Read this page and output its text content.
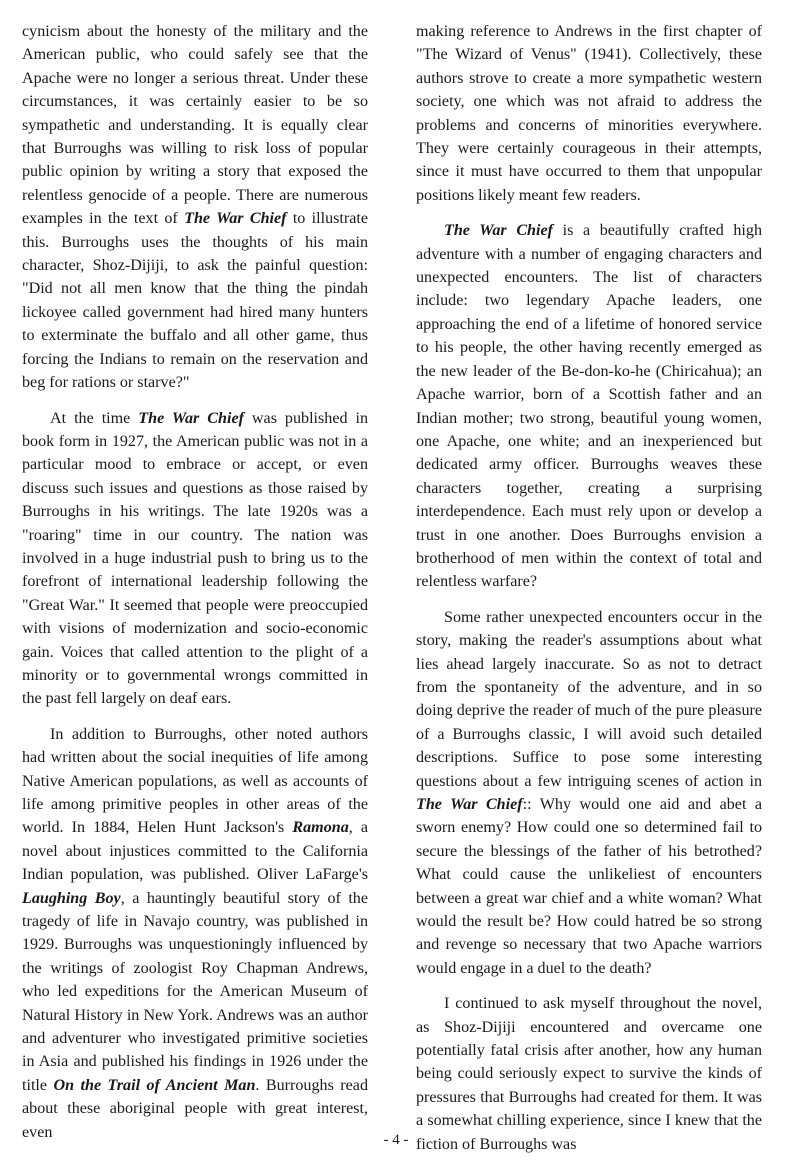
cynicism about the honesty of the military and the American public, who could safely see that the Apache were no longer a serious threat. Under these circumstances, it was certainly easier to be so sympathetic and understanding. It is equally clear that Burroughs was willing to risk loss of popular public opinion by writing a story that exposed the relentless genocide of a people. There are numerous examples in the text of The War Chief to illustrate this. Burroughs uses the thoughts of his main character, Shoz-Dijiji, to ask the painful question: "Did not all men know that the thing the pindah lickoyee called government had hired many hunters to exterminate the buffalo and all other game, thus forcing the Indians to remain on the reservation and beg for rations or starve?"

At the time The War Chief was published in book form in 1927, the American public was not in a particular mood to embrace or accept, or even discuss such issues and questions as those raised by Burroughs in his writings. The late 1920s was a "roaring" time in our country. The nation was involved in a huge industrial push to bring us to the forefront of international leadership following the "Great War." It seemed that people were preoccupied with visions of modernization and socio-economic gain. Voices that called attention to the plight of a minority or to governmental wrongs committed in the past fell largely on deaf ears.

In addition to Burroughs, other noted authors had written about the social inequities of life among Native American populations, as well as accounts of life among primitive peoples in other areas of the world. In 1884, Helen Hunt Jackson's Ramona, a novel about injustices committed to the California Indian population, was published. Oliver LaFarge's Laughing Boy, a hauntingly beautiful story of the tragedy of life in Navajo country, was published in 1929. Burroughs was unquestioningly influenced by the writings of zoologist Roy Chapman Andrews, who led expeditions for the American Museum of Natural History in New York. Andrews was an author and adventurer who investigated primitive societies in Asia and published his findings in 1926 under the title On the Trail of Ancient Man. Burroughs read about these aboriginal people with great interest, even

making reference to Andrews in the first chapter of "The Wizard of Venus" (1941). Collectively, these authors strove to create a more sympathetic western society, one which was not afraid to address the problems and concerns of minorities everywhere. They were certainly courageous in their attempts, since it must have occurred to them that unpopular positions likely meant few readers.

The War Chief is a beautifully crafted high adventure with a number of engaging characters and unexpected encounters. The list of characters include: two legendary Apache leaders, one approaching the end of a lifetime of honored service to his people, the other having recently emerged as the new leader of the Be-don-ko-he (Chiricahua); an Apache warrior, born of a Scottish father and an Indian mother; two strong, beautiful young women, one Apache, one white; and an inexperienced but dedicated army officer. Burroughs weaves these characters together, creating a surprising interdependence. Each must rely upon or develop a trust in one another. Does Burroughs envision a brotherhood of men within the context of total and relentless warfare?

Some rather unexpected encounters occur in the story, making the reader's assumptions about what lies ahead largely inaccurate. So as not to detract from the spontaneity of the adventure, and in so doing deprive the reader of much of the pure pleasure of a Burroughs classic, I will avoid such detailed descriptions. Suffice to pose some interesting questions about a few intriguing scenes of action in The War Chief:: Why would one aid and abet a sworn enemy? How could one so determined fail to secure the blessings of the father of his betrothed? What could cause the unlikeliest of encounters between a great war chief and a white woman? What would the result be? How could hatred be so strong and revenge so necessary that two Apache warriors would engage in a duel to the death?

I continued to ask myself throughout the novel, as Shoz-Dijiji encountered and overcame one potentially fatal crisis after another, how any human being could seriously expect to survive the kinds of pressures that Burroughs had created for them. It was a somewhat chilling experience, since I knew that the fiction of Burroughs was

- 4 -
